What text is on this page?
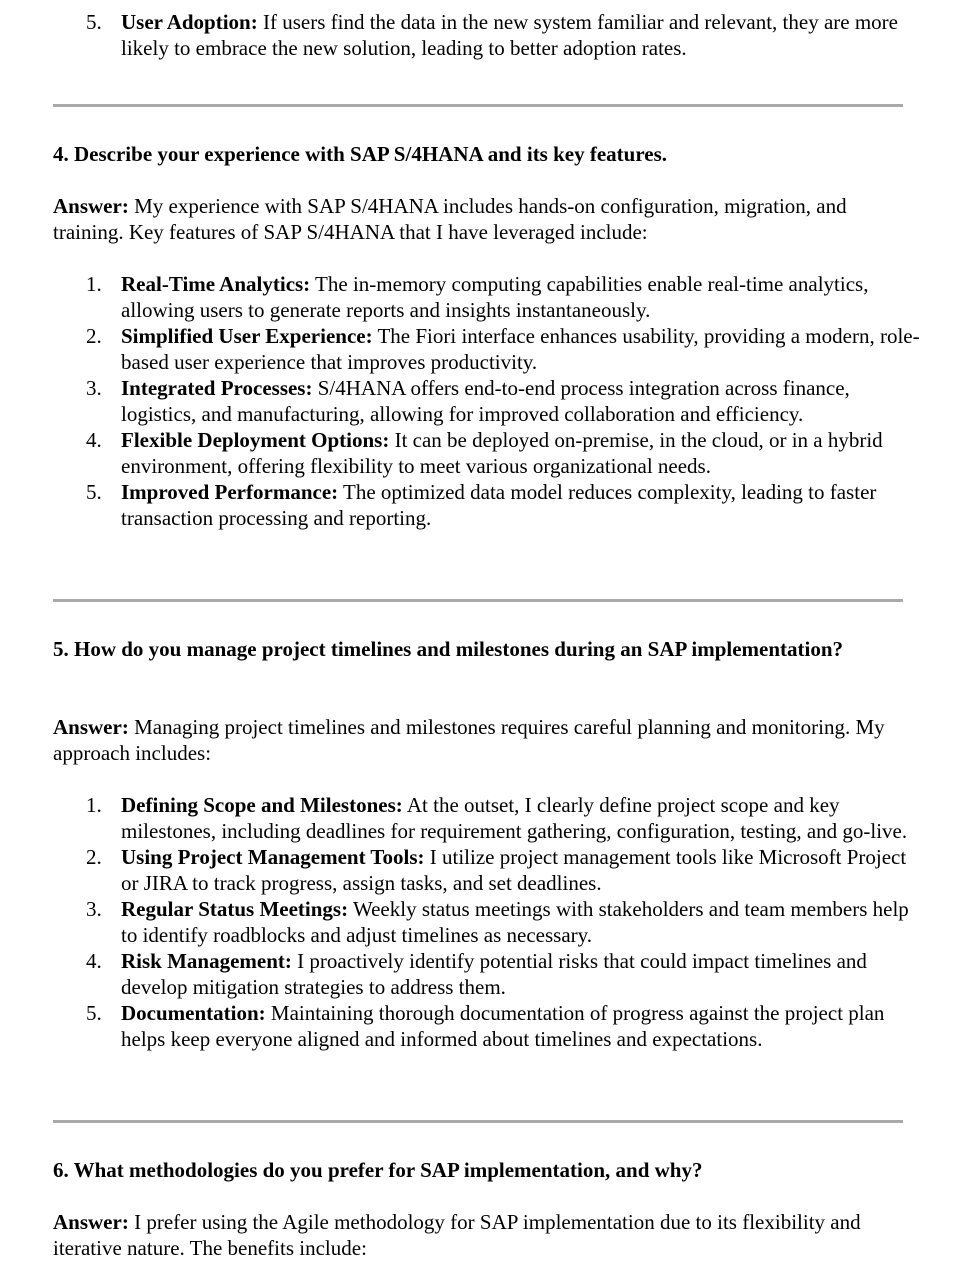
5. User Adoption: If users find the data in the new system familiar and relevant, they are more likely to embrace the new solution, leading to better adoption rates.
4. Describe your experience with SAP S/4HANA and its key features.

Answer: My experience with SAP S/4HANA includes hands-on configuration, migration, and training. Key features of SAP S/4HANA that I have leveraged include:

1. Real-Time Analytics: The in-memory computing capabilities enable real-time analytics, allowing users to generate reports and insights instantaneously.
2. Simplified User Experience: The Fiori interface enhances usability, providing a modern, role-based user experience that improves productivity.
3. Integrated Processes: S/4HANA offers end-to-end process integration across finance, logistics, and manufacturing, allowing for improved collaboration and efficiency.
4. Flexible Deployment Options: It can be deployed on-premise, in the cloud, or in a hybrid environment, offering flexibility to meet various organizational needs.
5. Improved Performance: The optimized data model reduces complexity, leading to faster transaction processing and reporting.
5. How do you manage project timelines and milestones during an SAP implementation?

Answer: Managing project timelines and milestones requires careful planning and monitoring. My approach includes:

1. Defining Scope and Milestones: At the outset, I clearly define project scope and key milestones, including deadlines for requirement gathering, configuration, testing, and go-live.
2. Using Project Management Tools: I utilize project management tools like Microsoft Project or JIRA to track progress, assign tasks, and set deadlines.
3. Regular Status Meetings: Weekly status meetings with stakeholders and team members help to identify roadblocks and adjust timelines as necessary.
4. Risk Management: I proactively identify potential risks that could impact timelines and develop mitigation strategies to address them.
5. Documentation: Maintaining thorough documentation of progress against the project plan helps keep everyone aligned and informed about timelines and expectations.
6. What methodologies do you prefer for SAP implementation, and why?

Answer: I prefer using the Agile methodology for SAP implementation due to its flexibility and iterative nature. The benefits include:
